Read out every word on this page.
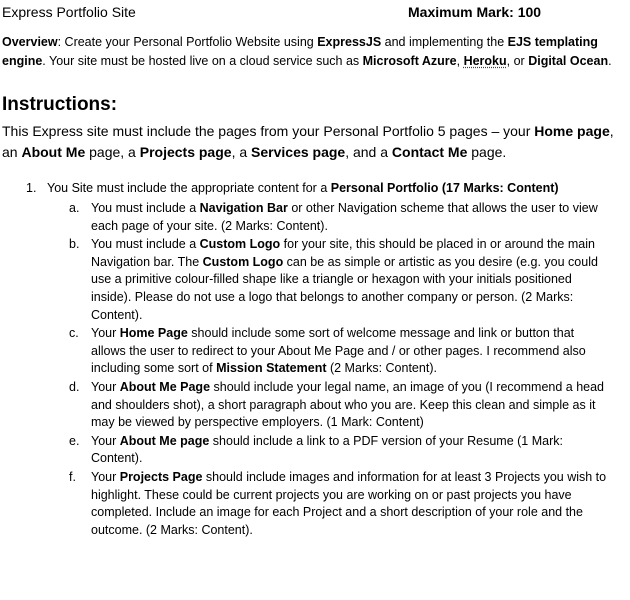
Express Portfolio Site	Maximum Mark: 100
Overview: Create your Personal Portfolio Website using ExpressJS and implementing the EJS templating engine. Your site must be hosted live on a cloud service such as Microsoft Azure, Heroku, or Digital Ocean.
Instructions:
This Express site must include the pages from your Personal Portfolio 5 pages – your Home page, an About Me page, a Projects page, a Services page, and a Contact Me page.
1. You Site must include the appropriate content for a Personal Portfolio (17 Marks: Content)
a. You must include a Navigation Bar or other Navigation scheme that allows the user to view each page of your site. (2 Marks: Content).
b. You must include a Custom Logo for your site, this should be placed in or around the main Navigation bar. The Custom Logo can be as simple or artistic as you desire (e.g. you could use a primitive colour-filled shape like a triangle or hexagon with your initials positioned inside). Please do not use a logo that belongs to another company or person. (2 Marks: Content).
c. Your Home Page should include some sort of welcome message and link or button that allows the user to redirect to your About Me Page and / or other pages. I recommend also including some sort of Mission Statement (2 Marks: Content).
d. Your About Me Page should include your legal name, an image of you (I recommend a head and shoulders shot), a short paragraph about who you are. Keep this clean and simple as it may be viewed by perspective employers. (1 Mark: Content)
e. Your About Me page should include a link to a PDF version of your Resume (1 Mark: Content).
f. Your Projects Page should include images and information for at least 3 Projects you wish to highlight. These could be current projects you are working on or past projects you have completed. Include an image for each Project and a short description of your role and the outcome. (2 Marks: Content).
